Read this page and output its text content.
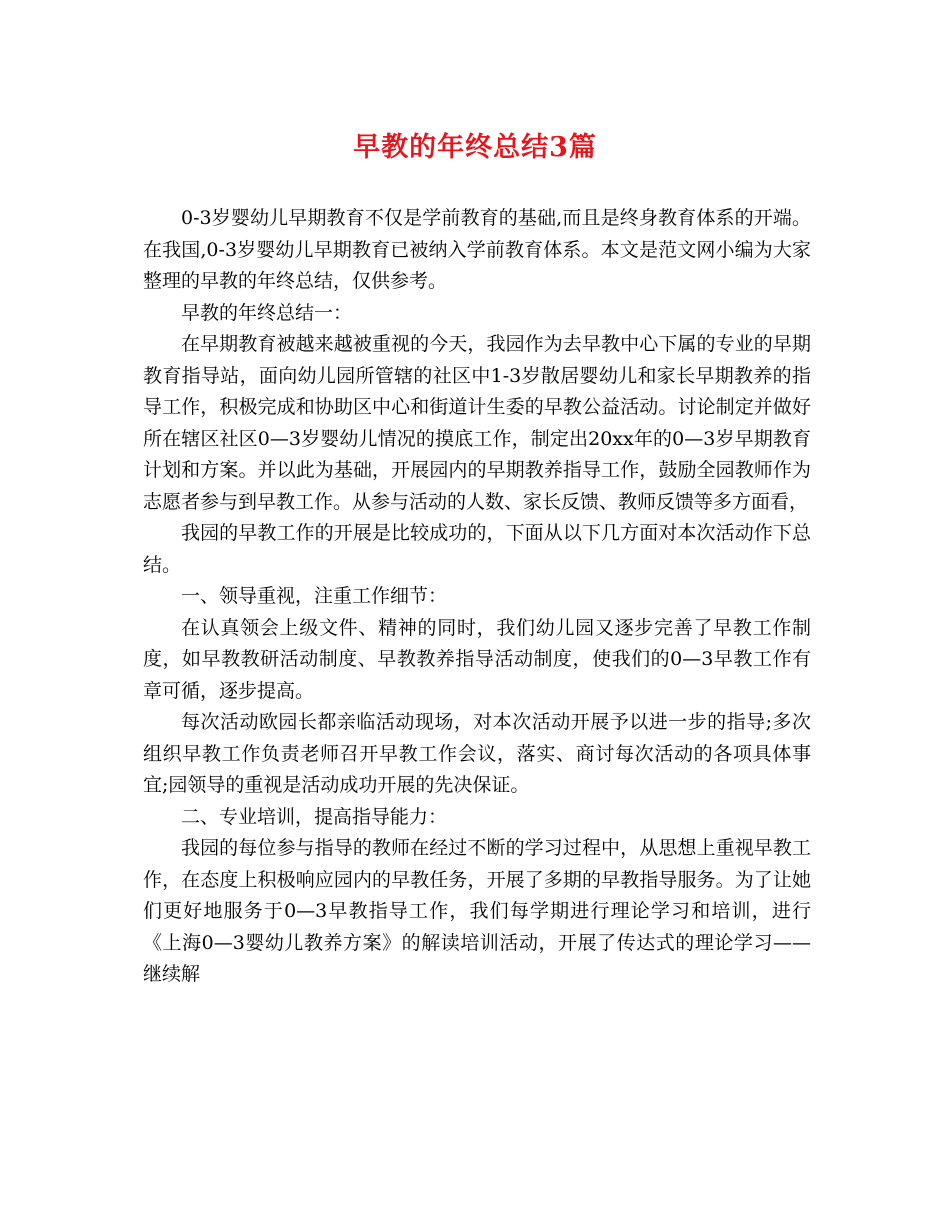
早教的年终总结3篇

0-3岁婴幼儿早期教育不仅是学前教育的基础,而且是终身教育体系的开端。在我国,0-3岁婴幼儿早期教育已被纳入学前教育体系。本文是范文网小编为大家整理的早教的年终总结，仅供参考。

早教的年终总结一：

在早期教育被越来越被重视的今天，我园作为去早教中心下属的专业的早期教育指导站，面向幼儿园所管辖的社区中1-3岁散居婴幼儿和家长早期教养的指导工作，积极完成和协助区中心和街道计生委的早教公益活动。讨论制定并做好所在辖区社区0—3岁婴幼儿情况的摸底工作，制定出20xx年的0—3岁早期教育计划和方案。并以此为基础，开展园内的早期教养指导工作，鼓励全园教师作为志愿者参与到早教工作。从参与活动的人数、家长反馈、教师反馈等多方面看，

我园的早教工作的开展是比较成功的，下面从以下几方面对本次活动作下总结。

一、领导重视，注重工作细节：

在认真领会上级文件、精神的同时，我们幼儿园又逐步完善了早教工作制度，如早教教研活动制度、早教教养指导活动制度，使我们的0—3早教工作有章可循，逐步提高。

每次活动欧园长都亲临活动现场，对本次活动开展予以进一步的指导;多次组织早教工作负责老师召开早教工作会议，落实、商讨每次活动的各项具体事宜;园领导的重视是活动成功开展的先决保证。

二、专业培训，提高指导能力：

我园的每位参与指导的教师在经过不断的学习过程中，从思想上重视早教工作，在态度上积极响应园内的早教任务，开展了多期的早教指导服务。为了让她们更好地服务于0—3早教指导工作，我们每学期进行理论学习和培训，进行《上海0—3婴幼儿教养方案》的解读培训活动，开展了传达式的理论学习——继续解
